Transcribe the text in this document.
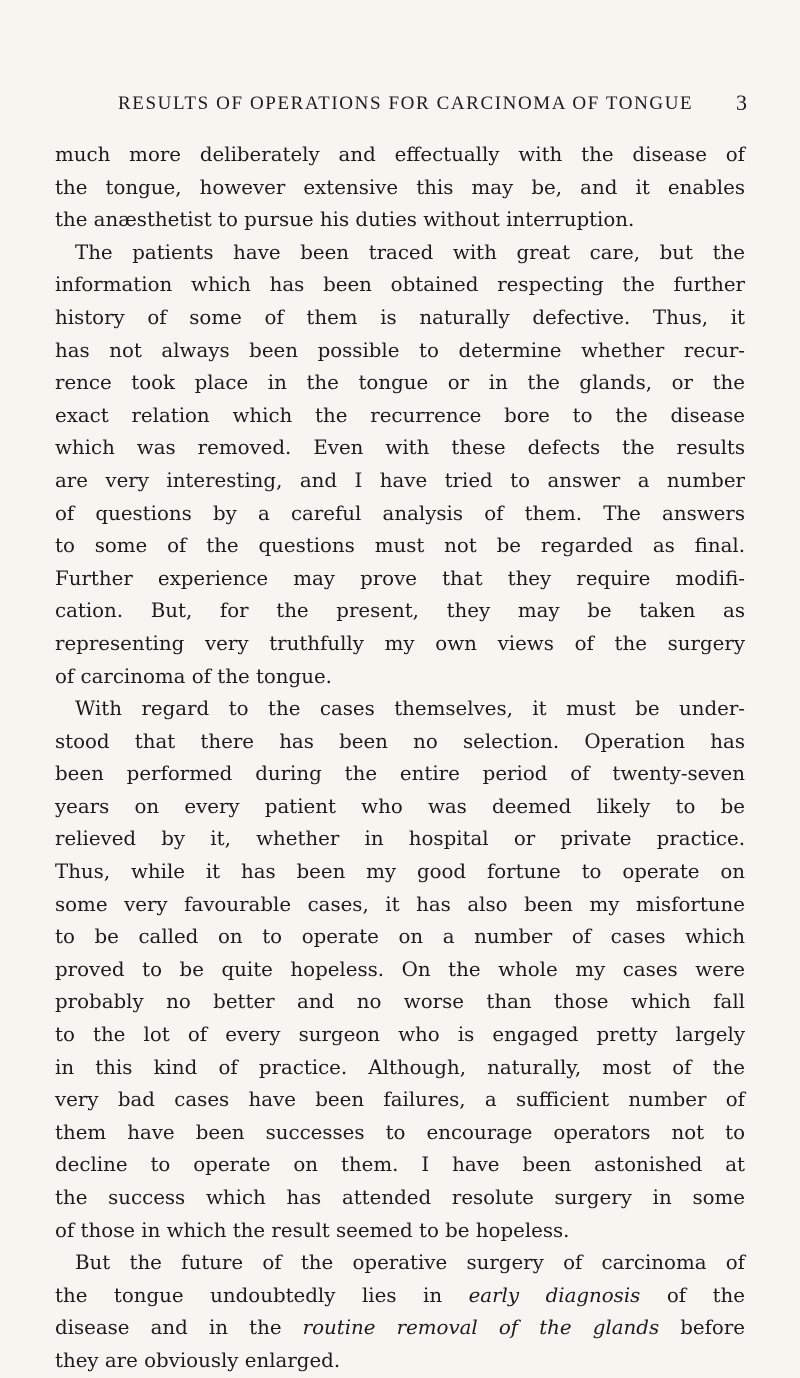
RESULTS OF OPERATIONS FOR CARCINOMA OF TONGUE	3
much more deliberately and effectually with the disease of
the tongue, however extensive this may be, and it enables
the anæsthetist to pursue his duties without interruption.
The patients have been traced with great care, but the
information which has been obtained respecting the further
history of some of them is naturally defective. Thus, it
has not always been possible to determine whether recur-
rence took place in the tongue or in the glands, or the
exact relation which the recurrence bore to the disease
which was removed. Even with these defects the results
are very interesting, and I have tried to answer a number
of questions by a careful analysis of them. The answers
to some of the questions must not be regarded as final.
Further experience may prove that they require modifi-
cation. But, for the present, they may be taken as
representing very truthfully my own views of the surgery
of carcinoma of the tongue.
With regard to the cases themselves, it must be under-
stood that there has been no selection. Operation has
been performed during the entire period of twenty-seven
years on every patient who was deemed likely to be
relieved by it, whether in hospital or private practice.
Thus, while it has been my good fortune to operate on
some very favourable cases, it has also been my misfortune
to be called on to operate on a number of cases which
proved to be quite hopeless. On the whole my cases were
probably no better and no worse than those which fall
to the lot of every surgeon who is engaged pretty largely
in this kind of practice. Although, naturally, most of the
very bad cases have been failures, a sufficient number of
them have been successes to encourage operators not to
decline to operate on them. I have been astonished at
the success which has attended resolute surgery in some
of those in which the result seemed to be hopeless.
But the future of the operative surgery of carcinoma of
the tongue undoubtedly lies in early diagnosis of the
disease and in the routine removal of the glands before
they are obviously enlarged.
